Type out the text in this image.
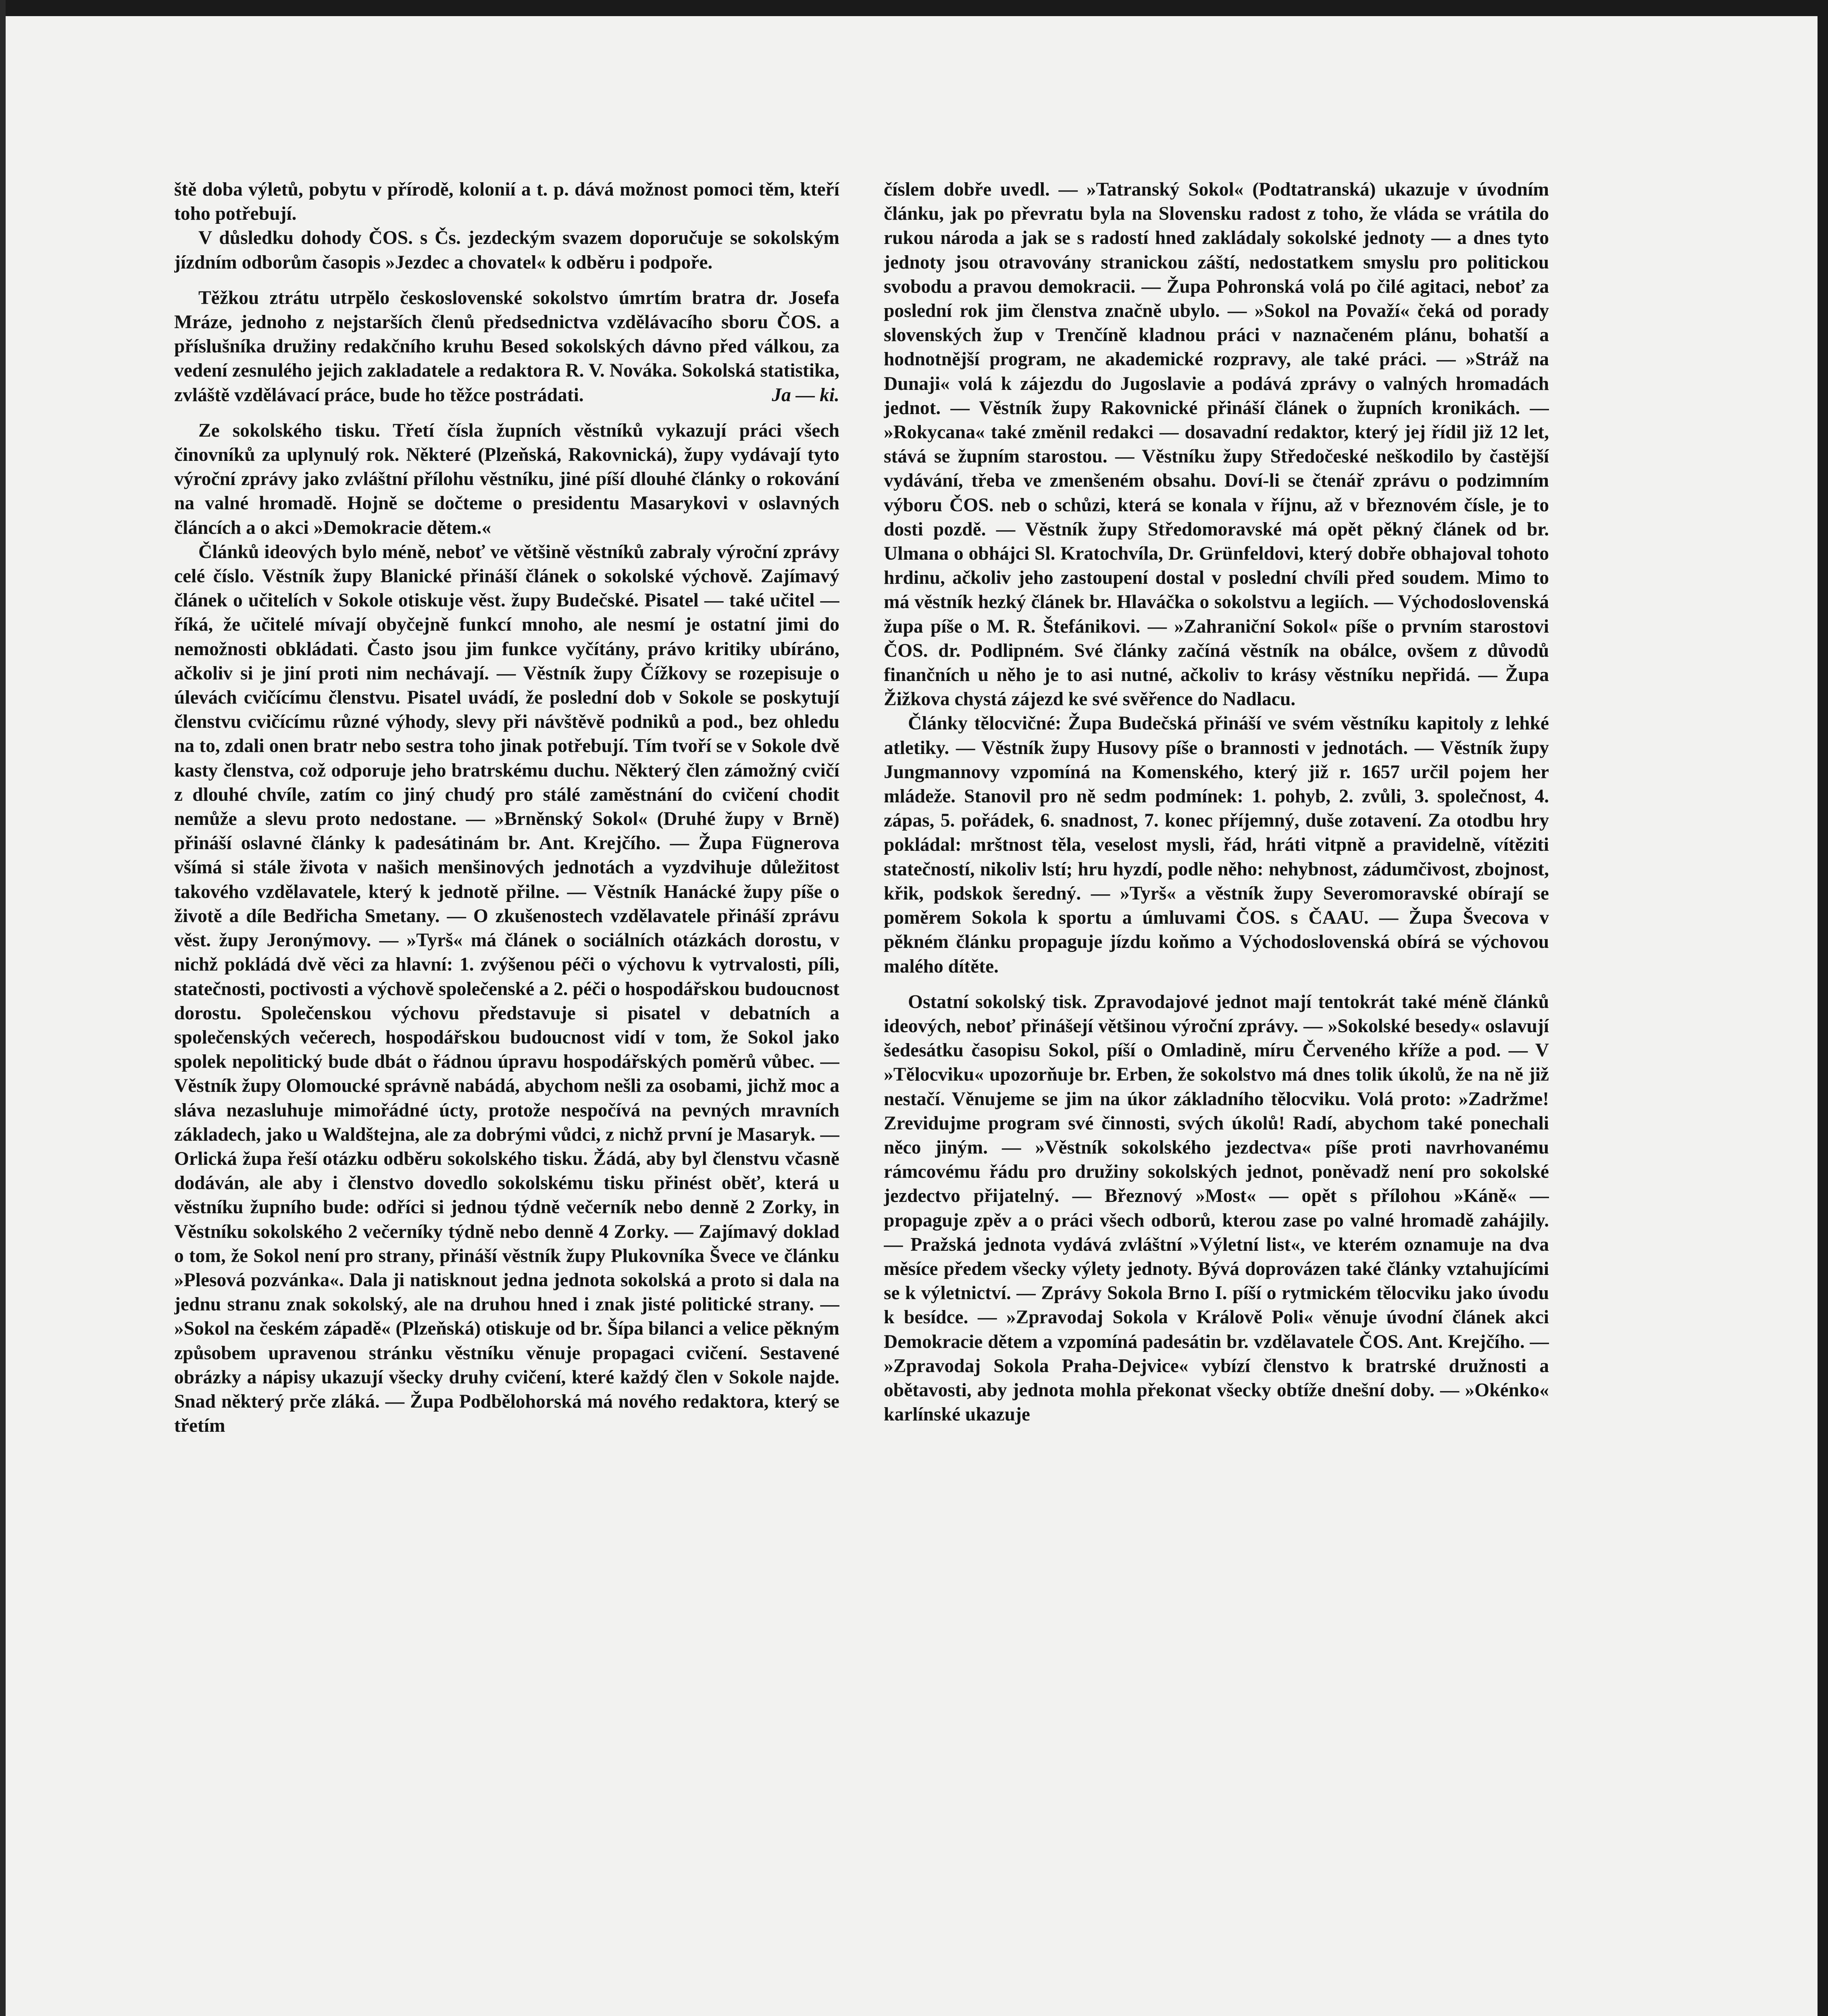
ště doba výletů, pobytu v přírodě, kolonií a t. p. dává možnost pomoci těm, kteří toho potřebují.

V důsledku dohody ČOS. s Čs. jezdeckým svazem doporučuje se sokolským jízdním odborům časopis »Jezdec a chovatel« k odběru i podpoře.

Těžkou ztrátu utrpělo československé sokolstvo úmrtím bratra dr. Josefa Mráze, jednoho z nejstarších členů předsednictva vzdělávacího sboru ČOS. a příslušníka družiny redakčního kruhu Besed sokolských dávno před válkou, za vedení zesnulého jejich zakladatele a redaktora R. V. Nováka. Sokolská statistika, zvláště vzdělávací práce, bude ho těžce postrádati.	Ja — ki.

Ze sokolského tisku. Třetí čísla župních věstníků vykazují práci všech činovníků za uplynulý rok. Některé (Plzeňská, Rakovnická), župy vydávají tyto výroční zprávy jako zvláštní přílohu věstníku, jiné píší dlouhé články o rokování na valné hromadě. Hojně se dočteme o presidentu Masarykovi v oslavných článcích a o akci »Demokracie dětem.«

Článků ideových bylo méně, neboť ve většině věstníků zabraly výroční zprávy celé číslo. Věstník župy Blanické přináší článek o sokolské výchově. Zajímavý článek o učitelích v Sokole otiskuje věst. župy Budečské. Pisatel — také učitel — říká, že učitelé mívají obyčejně funkcí mnoho, ale nesmí je ostatní jimi do nemožnosti obkládati. Často jsou jim funkce vyčítány, právo kritiky ubíráno, ačkoliv si je jiní proti nim nechávají. — Věstník župy Čížkovy se rozepisuje o úlevách cvičícímu členstvu. Pisatel uvádí, že poslední dob v Sokole se poskytují členstvu cvičícímu různé výhody, slevy při návštěvě podniků a pod., bez ohledu na to, zdali onen bratr nebo sestra toho jinak potřebují. Tím tvoří se v Sokole dvě kasty členstva, což odporuje jeho bratrskému duchu. Některý člen zámožný cvičí z dlouhé chvíle, zatím co jiný chudý pro stálé zaměstnání do cvičení chodit nemůže a slevu proto nedostane. — »Brněnský Sokol« (Druhé župy v Brně) přináší oslavné články k padesátinám br. Ant. Krejčího. — Župa Fügnerova všímá si stále života v našich menšinových jednotách a vyzdvihuje důležitost takového vzdělavatele, který k jednotě přilne. — Věstník Hanácké župy píše o životě a díle Bedřicha Smetany. — O zkušenostech vzdělavatele přináší zprávu věst. župy Jeronýmovy. — »Tyrš« má článek o sociálních otázkách dorostu, v nichž pokládá dvě věci za hlavní: 1. zvýšenou péči o výchovu k vytrvalosti, píli, statečnosti, poctivosti a výchově společenské a 2. péči o hospodářskou budoucnost dorostu. Společenskou výchovu představuje si pisatel v debatních a společenských večerech, hospodářskou budoucnost vidí v tom, že Sokol jako spolek nepolitický bude dbát o řádnou úpravu hospodářských poměrů vůbec. — Věstník župy Olomoucké správně nabádá, abychom nešli za osobami, jichž moc a sláva nezasluhuje mimořádné úcty, protože nespočívá na pevných mravních základech, jako u Waldštejna, ale za dobrými vůdci, z nichž první je Masaryk. — Orlická župa řeší otázku odběru sokolského tisku. Žádá, aby byl členstvu včasně dodáván, ale aby i členstvo dovedlo sokolskému tisku přinést oběť, která u věstníku župního bude: odříci si jednou týdně večerník nebo denně 2 Zorky, in Věstníku sokolského 2 večerníky týdně nebo denně 4 Zorky. — Zajímavý doklad o tom, že Sokol není pro strany, přináší věstník župy Plukovníka Švece ve článku »Plesová pozvánka«. Dala ji natisknout jedna jednota sokolská a proto si dala na jednu stranu znak sokolský, ale na druhou hned i znak jisté politické strany. — »Sokol na českém západě« (Plzeňská) otiskuje od br. Šípa bilanci a velice pěkným způsobem upravenou stránku věstníku věnuje propagaci cvičení. Sestavené obrázky a nápisy ukazují všecky druhy cvičení, které každý člen v Sokole najde. Snad některý prče zláká. — Župa Podbělohorská má nového redaktora, který se třetím

číslem dobře uvedl. — »Tatranský Sokol« (Podtatranská) ukazuje v úvodním článku, jak po převratu byla na Slovensku radost z toho, že vláda se vrátila do rukou národa a jak se s radostí hned zakládaly sokolské jednoty — a dnes tyto jednoty jsou otravovány stranickou záští, nedostatkem smyslu pro politickou svobodu a pravou demokracii. — Župa Pohronská volá po čilé agitaci, neboť za poslední rok jim členstva značně ubylo. — »Sokol na Považí« čeká od porady slovenských žup v Trenčíně kladnou práci v naznačeném plánu, bohatší a hodnotnější program, ne akademické rozpravy, ale také práci. — »Stráž na Dunaji« volá k zájezdu do Jugoslavie a podává zprávy o valných hromadách jednot. — Věstník župy Rakovnické přináší článek o župních kronikách. — »Rokycana« také změnil redakci — dosavadní redaktor, který jej řídil již 12 let, stává se župním starostou. — Věstníku župy Středočeské neškodilo by častější vydávání, třeba ve zmenšeném obsahu. Doví-li se čtenář zprávu o podzimním výboru ČOS. neb o schůzi, která se konala v říjnu, až v březnovém čísle, je to dosti pozdě. — Věstník župy Středomoravské má opět pěkný článek od br. Ulmana o obhájci Sl. Kratochvíla, Dr. Grünfeldovi, který dobře obhajoval tohoto hrdinu, ačkoliv jeho zastoupení dostal v poslední chvíli před soudem. Mimo to má věstník hezký článek br. Hlaváčka o sokolstvu a legiích. — Východoslovenská župa píše o M. R. Štefánikovi. — »Zahraniční Sokol« píše o prvním starostovi ČOS. dr. Podlipném. Své články začíná věstník na obálce, ovšem z důvodů finančních u něho je to asi nutné, ačkoliv to krásy věstníku nepřidá. — Župa Žižkova chystá zájezd ke své svěřence do Nadlacu.

Články tělocvičné: Župa Budečská přináší ve svém věstníku kapitoly z lehké atletiky. — Věstník župy Husovy píše o brannosti v jednotách. — Věstník župy Jungmannovy vzpomíná na Komenského, který již r. 1657 určil pojem her mládeže. Stanovil pro ně sedm podmínek: 1. pohyb, 2. zvůli, 3. společnost, 4. zápas, 5. pořádek, 6. snadnost, 7. konec příjemný, duše zotavení. Za otodbu hry pokládal: mrštnost těla, veselost mysli, řád, hráti vitpně a pravidelně, vítěziti statečností, nikoliv lstí; hru hyzdí, podle něho: nehybnost, zádumčivost, zbojnost, křik, podskok šeredný. — »Tyrš« a věstník župy Severomoravské obírají se poměrem Sokola k sportu a úmluvami ČOS. s ČAAU. — Župa Švecova v pěkném článku propaguje jízdu koňmo a Východoslovenská obírá se výchovou malého dítěte.

Ostatní sokolský tisk. Zpravodajové jednot mají tentokrát také méně článků ideových, neboť přinášejí většinou výroční zprávy. — »Sokolské besedy« oslavují šedesátku časopisu Sokol, píší o Omladině, míru Červeného kříže a pod. — V »Tělocviku« upozorňuje br. Erben, že sokolstvo má dnes tolik úkolů, že na ně již nestačí. Věnujeme se jim na úkor základního tělocviku. Volá proto: »Zadržme! Zrevidujme program své činnosti, svých úkolů! Radí, abychom také ponechali něco jiným. — »Věstník sokolského jezdectva« píše proti navrhovanému rámcovému řádu pro družiny sokolských jednot, poněvadž není pro sokolské jezdectvo přijatelný. — Březnový »Most« — opět s přílohou »Káně« — propaguje zpěv a o práci všech odborů, kterou zase po valné hromadě zahájily. — Pražská jednota vydává zvláštní »Výletní list«, ve kterém oznamuje na dva měsíce předem všecky výlety jednoty. Bývá doprovázen také články vztahujícími se k výletnictví. — Zprávy Sokola Brno I. píší o rytmickém tělocviku jako úvodu k besídce. — »Zpravodaj Sokola v Králově Poli« věnuje úvodní článek akci Demokracie dětem a vzpomíná padesátin br. vzdělavatele ČOS. Ant. Krejčího. — »Zpravodaj Sokola Praha-Dejvice« vybízí členstvo k bratrské družnosti a obětavosti, aby jednota mohla překonat všecky obtíže dnešní doby. — »Okénko« karlínské ukazuje
